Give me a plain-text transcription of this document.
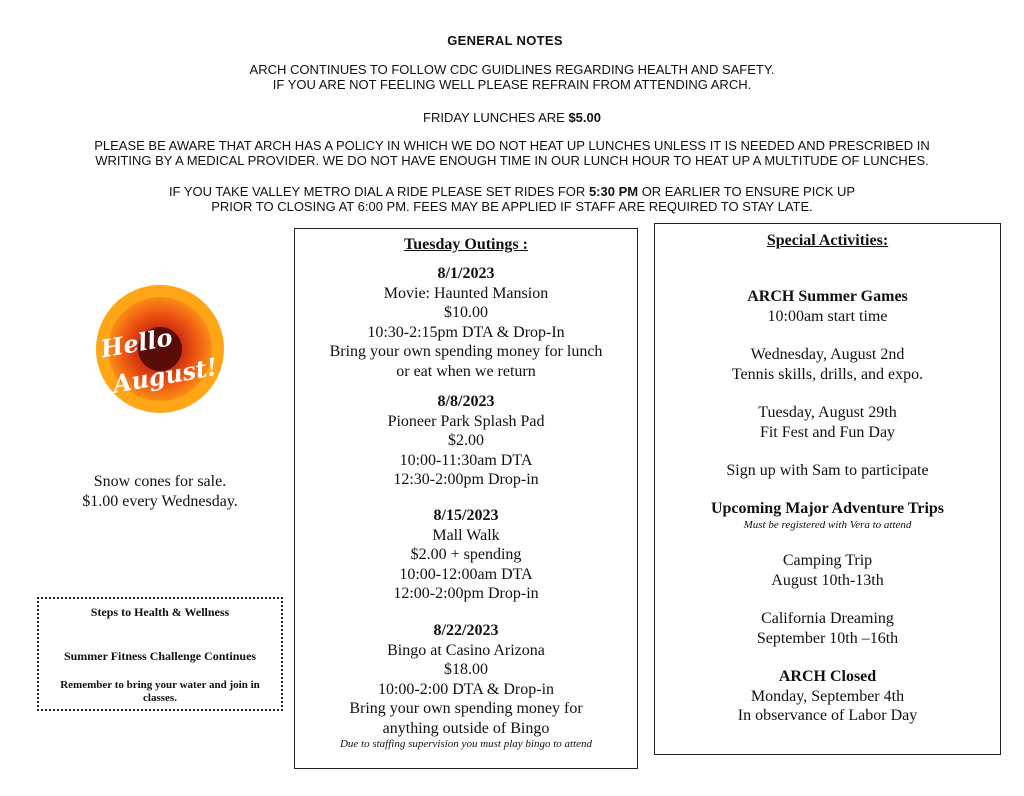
GENERAL NOTES
ARCH CONTINUES TO FOLLOW CDC GUIDLINES REGARDING HEALTH AND SAFETY.
IF YOU ARE NOT FEELING WELL PLEASE REFRAIN FROM ATTENDING ARCH.
FRIDAY LUNCHES ARE $5.00
PLEASE BE AWARE THAT ARCH HAS A POLICY IN WHICH WE DO NOT HEAT UP LUNCHES UNLESS IT IS NEEDED AND PRESCRIBED IN
WRITING BY A MEDICAL PROVIDER. WE DO NOT HAVE ENOUGH TIME IN OUR LUNCH HOUR TO HEAT UP A MULTITUDE OF LUNCHES.
IF YOU TAKE VALLEY METRO DIAL A RIDE PLEASE SET RIDES FOR 5:30 PM OR EARLIER TO ENSURE PICK UP
PRIOR TO CLOSING AT 6:00 PM. FEES MAY BE APPLIED IF STAFF ARE REQUIRED TO STAY LATE.
Hello
August!
Snow cones for sale.
$1.00 every Wednesday.
Steps to Health & Wellness
Summer Fitness Challenge Continues
Remember to bring your water and join in classes.
Tuesday Outings :
8/1/2023
Movie: Haunted Mansion
$10.00
10:30-2:15pm DTA & Drop-In
Bring your own spending money for lunch
or eat when we return
8/8/2023
Pioneer Park Splash Pad
$2.00
10:00-11:30am DTA
12:30-2:00pm Drop-in
8/15/2023
Mall Walk
$2.00 + spending
10:00-12:00am DTA
12:00-2:00pm Drop-in
8/22/2023
Bingo at Casino Arizona
$18.00
10:00-2:00 DTA & Drop-in
Bring your own spending money for
anything outside of Bingo
Due to staffing supervision you must play bingo to attend
Special Activities:
ARCH Summer Games
10:00am start time
Wednesday, August 2nd
Tennis skills, drills, and expo.
Tuesday, August 29th
Fit Fest and Fun Day
Sign up with Sam to participate
Upcoming Major Adventure Trips
Must be registered with Vera to attend
Camping Trip
August 10th-13th
California Dreaming
September 10th –16th
ARCH Closed
Monday, September 4th
In observance of Labor Day
